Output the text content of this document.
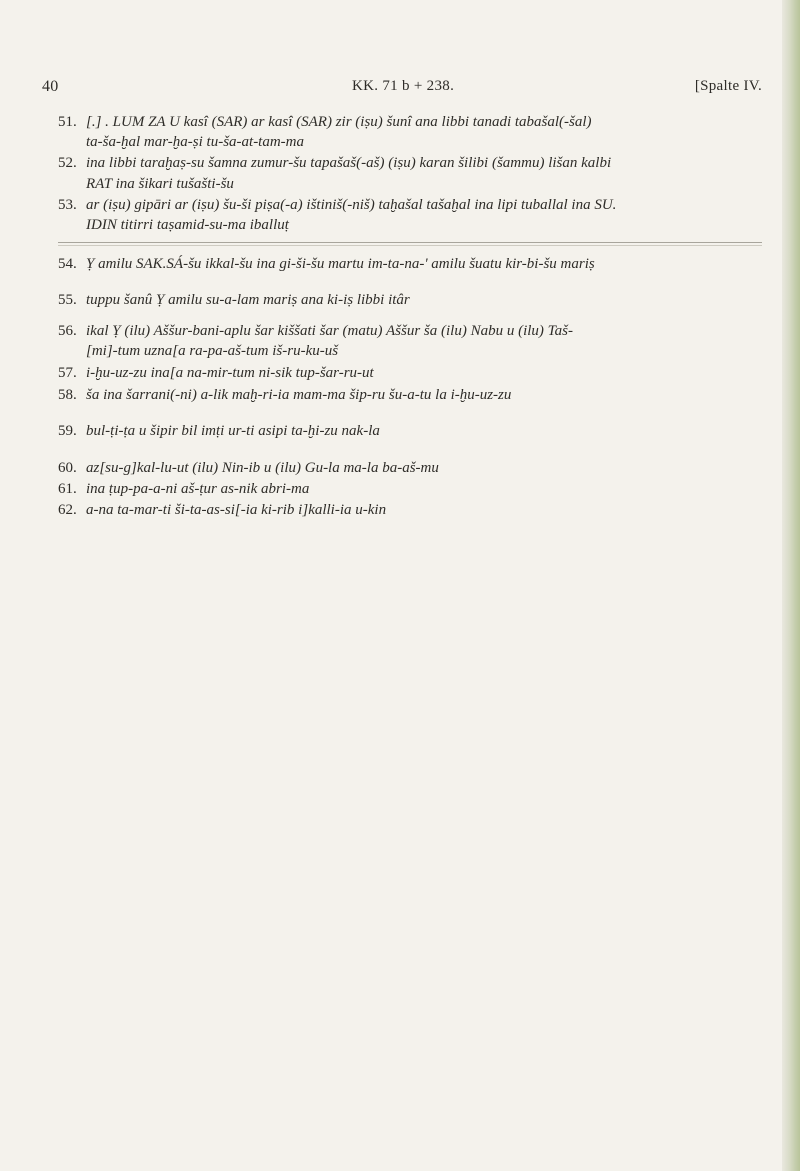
40	KK. 71 b + 238.	[Spalte IV.
51. [.] . LUM ZA U kasî (SAR) ar kasî (SAR) zir (iṣu) šunî ana libbi tanadi tabašal(-šal)
ta-ša-ḫal mar-ḫa-ṣi tu-ša-at-tam-ma
52. ina libbi taraḫaṣ-su šamna zumur-šu tapašaš(-aš) (iṣu) karan šilibi (šammu) lišan kalbi
RAT ina šikari tušašti-šu
53. ar (iṣu) gipāri ar (iṣu) šu-ši piṣa(-a) ištiniš(-niš) taḫašal tašaḫal ina lipi tuballal ina SU.
IDIN titirri taṣamid-su-ma iballuṭ
54. Ỵ amilu SAK.SÁ-šu ikkal-šu ina gi-ši-šu martu im-ta-na-' amilu šuatu kir-bi-šu mariṣ
55. tuppu šanû Ỵ amilu su-a-lam mariṣ ana ki-iṣ libbi itâr
56. ikal Ỵ (ilu) Aššur-bani-aplu šar kiššati šar (matu) Aššur ša (ilu) Nabu u (ilu) Taš-
[mi]-tum uzna[a ra-pa-aš-tum iš-ru-ku-uš
57. i-ḫu-uz-zu ina[a na-mir-tum ni-sik tup-šar-ru-ut
58. ša ina šarrani(-ni) a-lik maḫ-ri-ia mam-ma šip-ru šu-a-tu la i-ḫu-uz-zu
59. bul-ṭi-ṭa u šipir bil imṭi ur-ti asipi ta-ḫi-zu nak-la
60. az[su-g]kal-lu-ut (ilu) Nin-ib u (ilu) Gu-la ma-la ba-aš-mu
61. ina ṭup-pa-a-ni aš-ṭur as-nik abri-ma
62. a-na ta-mar-ti ši-ta-as-si[-ia ki-rib i]kalli-ia u-kin
